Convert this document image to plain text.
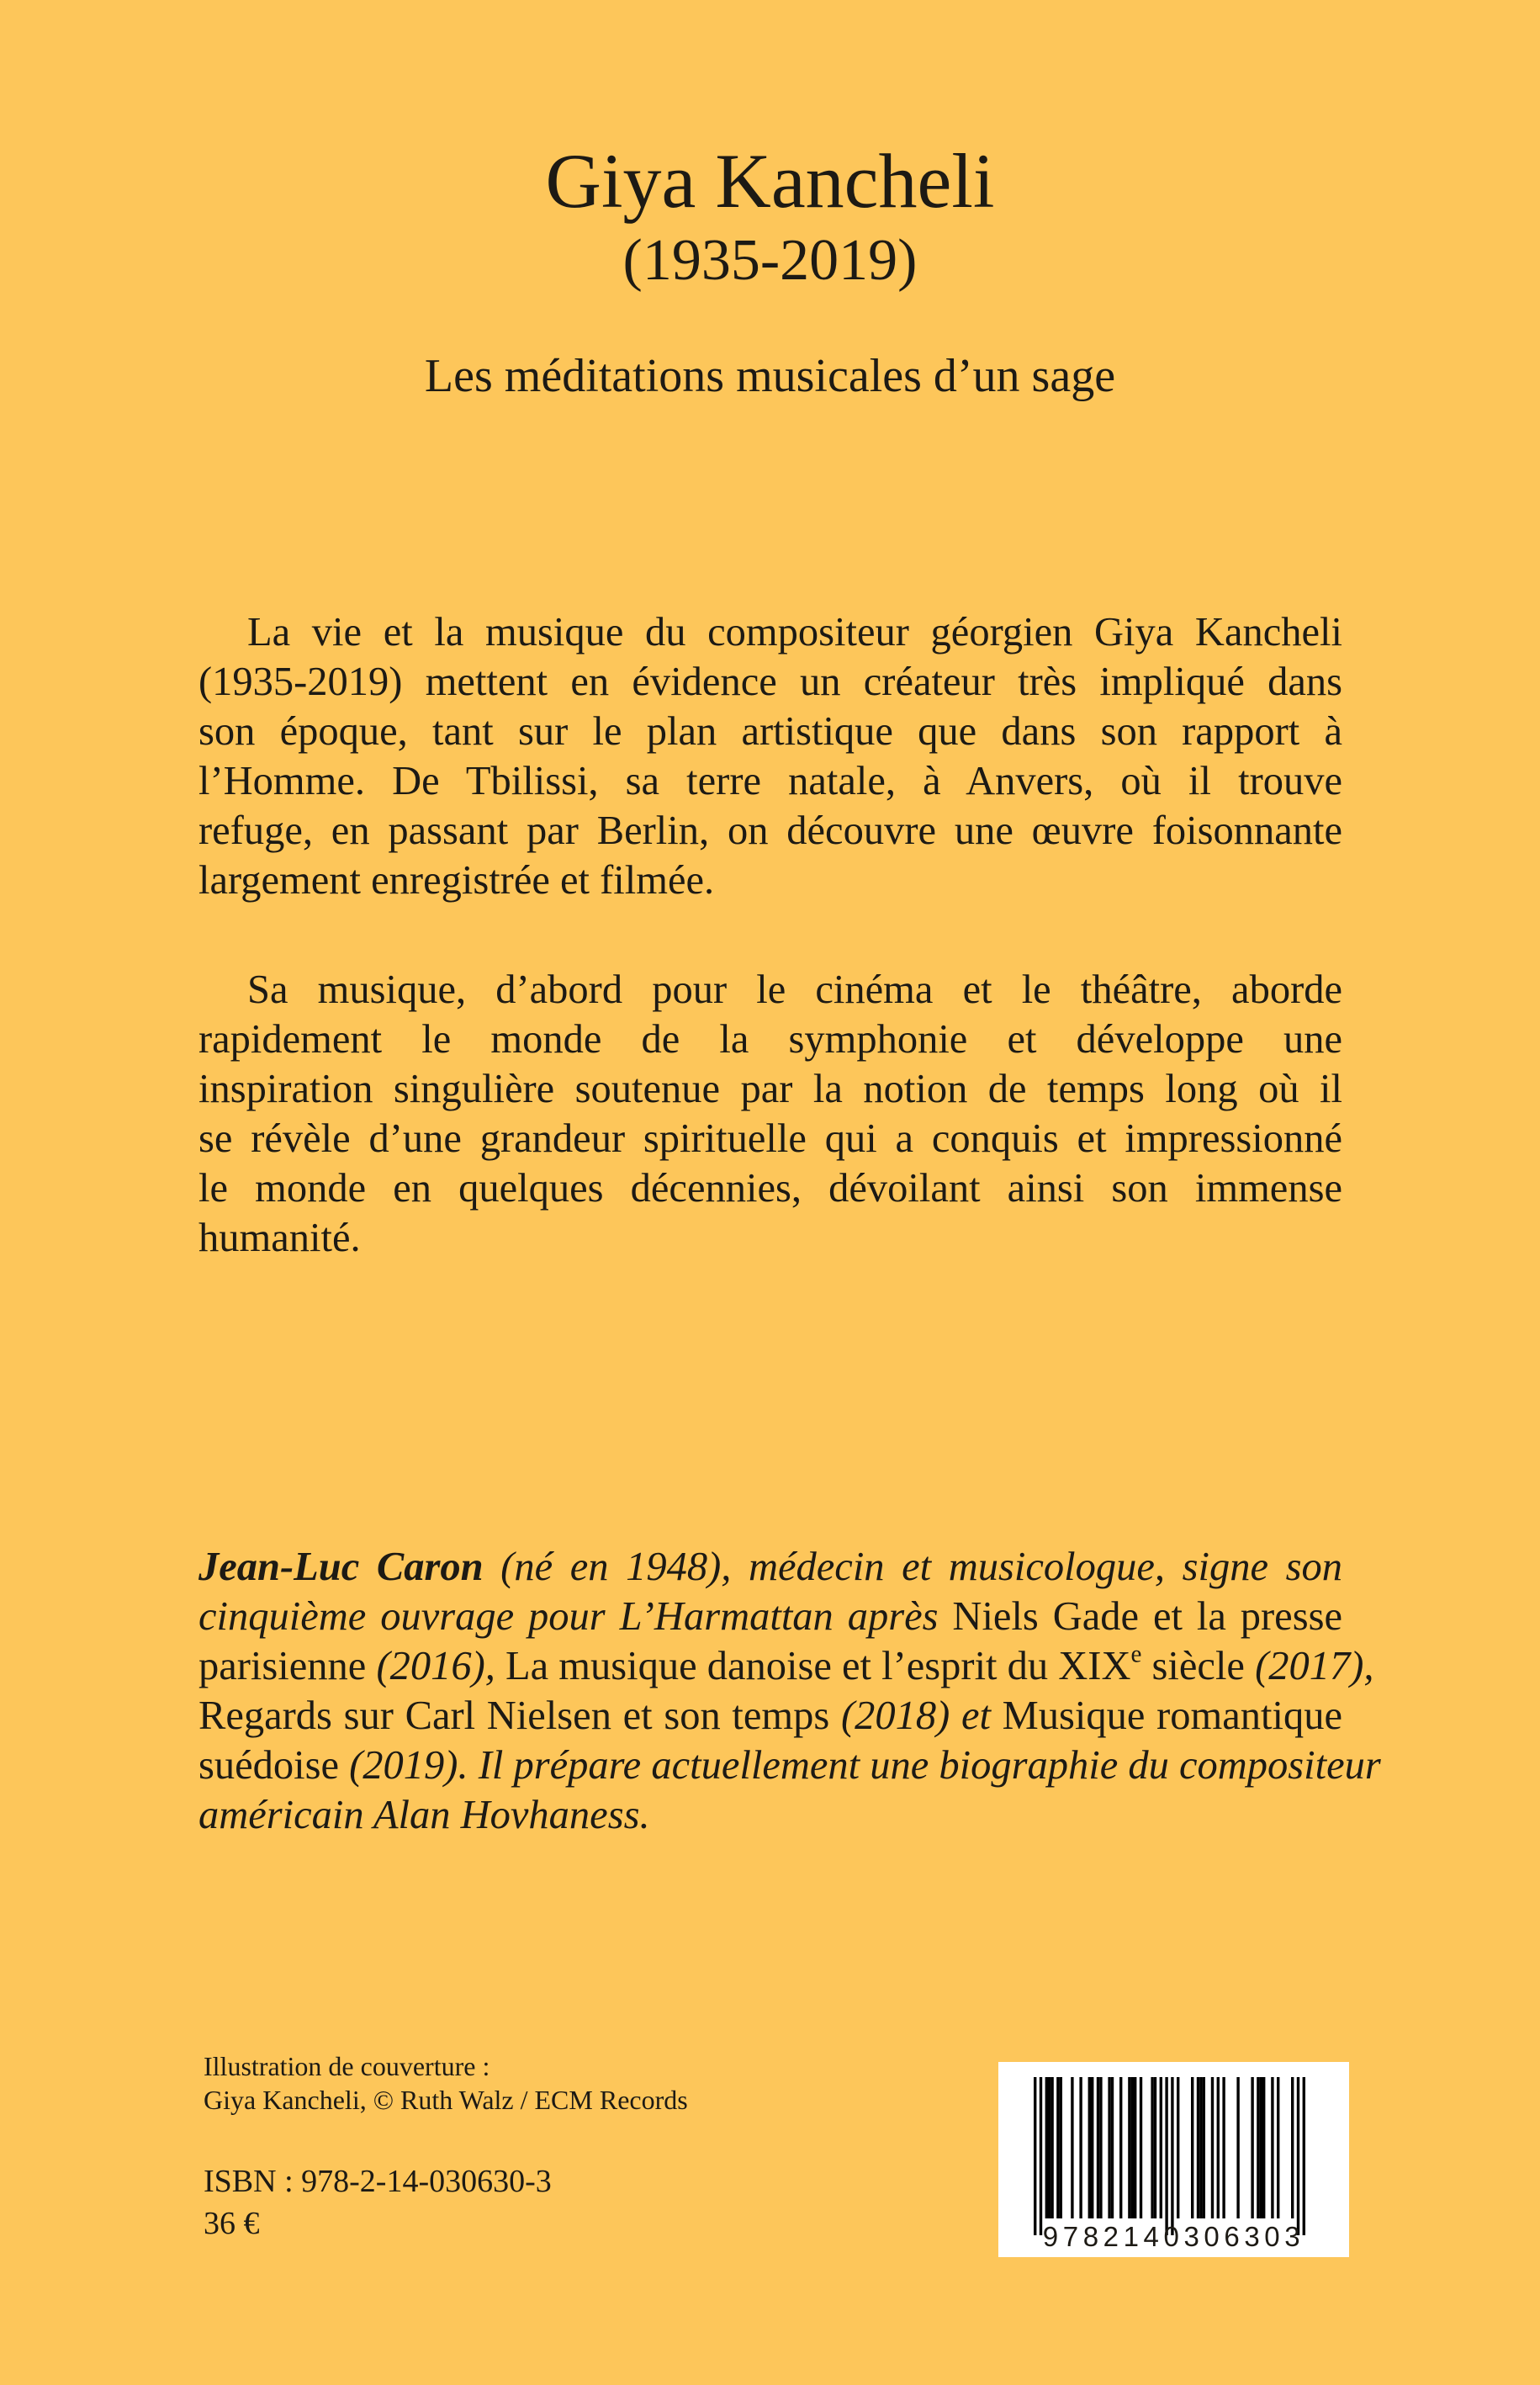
Giya Kancheli
(1935-2019)
Les méditations musicales d’un sage
La vie et la musique du compositeur géorgien Giya Kancheli
(1935-2019) mettent en évidence un créateur très impliqué dans
son époque, tant sur le plan artistique que dans son rapport à
l’Homme. De Tbilissi, sa terre natale, à Anvers, où il trouve
refuge, en passant par Berlin, on découvre une œuvre foisonnante
largement enregistrée et filmée.
Sa musique, d’abord pour le cinéma et le théâtre, aborde
rapidement le monde de la symphonie et développe une
inspiration singulière soutenue par la notion de temps long où il
se révèle d’une grandeur spirituelle qui a conquis et impressionné
le monde en quelques décennies, dévoilant ainsi son immense
humanité.
Jean-Luc Caron (né en 1948), médecin et musicologue, signe son
cinquième ouvrage pour L’Harmattan après Niels Gade et la presse
parisienne (2016), La musique danoise et l’esprit du XIXe siècle (2017),
Regards sur Carl Nielsen et son temps (2018) et Musique romantique
suédoise (2019). Il prépare actuellement une biographie du compositeur
américain Alan Hovhaness.
Illustration de couverture :
Giya Kancheli, © Ruth Walz / ECM Records
ISBN : 978-2-14-030630-3
36 €	9782140306303
